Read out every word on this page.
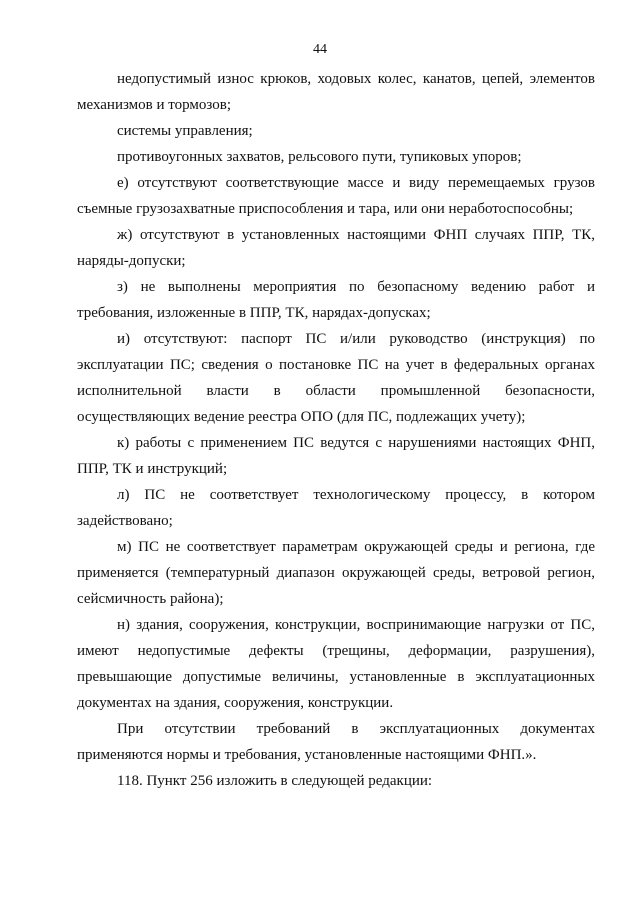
44

недопустимый износ крюков, ходовых колес, канатов, цепей, элементов механизмов и тормозов;

системы управления;

противоугонных захватов, рельсового пути, тупиковых упоров;

е) отсутствуют соответствующие массе и виду перемещаемых грузов съемные грузозахватные приспособления и тара, или они неработоспособны;

ж) отсутствуют в установленных настоящими ФНП случаях ППР, ТК, наряды-допуски;

з) не выполнены мероприятия по безопасному ведению работ и требования, изложенные в ППР, ТК, нарядах-допусках;

и) отсутствуют: паспорт ПС и/или руководство (инструкция) по эксплуатации ПС; сведения о постановке ПС на учет в федеральных органах исполнительной власти в области промышленной безопасности, осуществляющих ведение реестра ОПО (для ПС, подлежащих учету);

к) работы с применением ПС ведутся с нарушениями настоящих ФНП, ППР, ТК и инструкций;

л) ПС не соответствует технологическому процессу, в котором задействовано;

м) ПС не соответствует параметрам окружающей среды и региона, где применяется (температурный диапазон окружающей среды, ветровой регион, сейсмичность района);

н) здания, сооружения, конструкции, воспринимающие нагрузки от ПС, имеют недопустимые дефекты (трещины, деформации, разрушения), превышающие допустимые величины, установленные в эксплуатационных документах на здания, сооружения, конструкции.

При отсутствии требований в эксплуатационных документах применяются нормы и требования, установленные настоящими ФНП.».

118. Пункт 256 изложить в следующей редакции:
